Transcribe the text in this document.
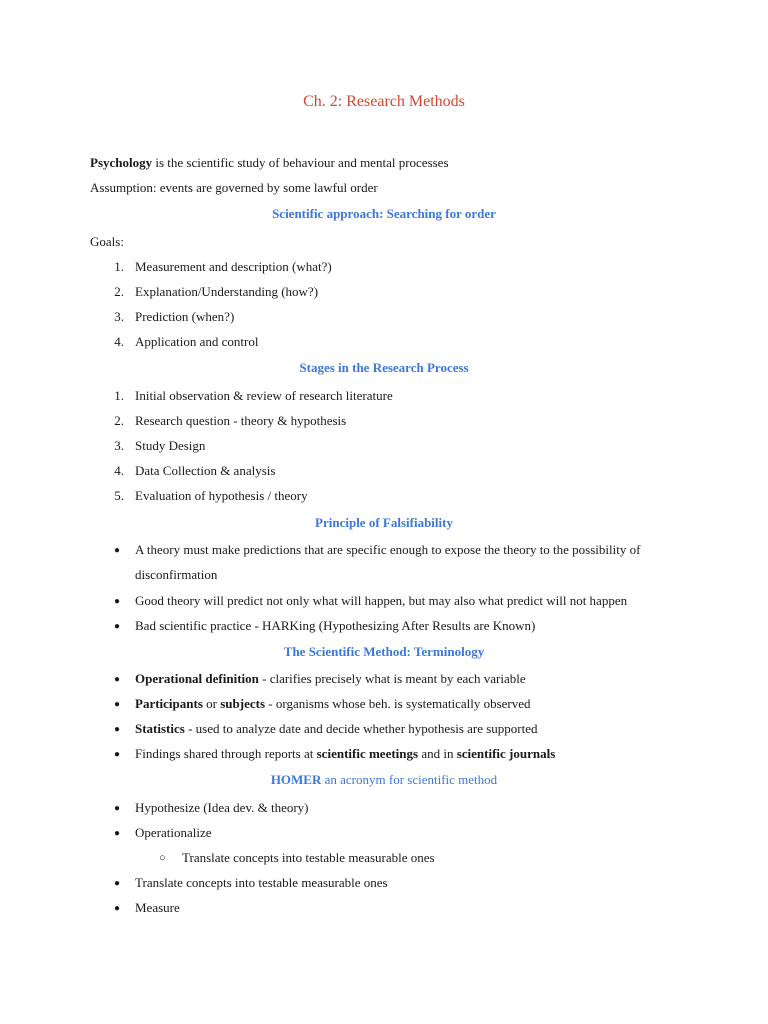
Ch. 2: Research Methods
Psychology is the scientific study of behaviour and mental processes
Assumption: events are governed by some lawful order
Scientific approach: Searching for order
Goals:
1. Measurement and description (what?)
2. Explanation/Understanding (how?)
3. Prediction (when?)
4. Application and control
Stages in the Research Process
1. Initial observation & review of research literature
2. Research question - theory & hypothesis
3. Study Design
4. Data Collection & analysis
5. Evaluation of hypothesis / theory
Principle of Falsifiability
● A theory must make predictions that are specific enough to expose the theory to the possibility of disconfirmation
● Good theory will predict not only what will happen, but may also what predict will not happen
● Bad scientific practice - HARKing (Hypothesizing After Results are Known)
The Scientific Method: Terminology
● Operational definition - clarifies precisely what is meant by each variable
● Participants or subjects - organisms whose beh. is systematically observed
● Statistics - used to analyze date and decide whether hypothesis are supported
● Findings shared through reports at scientific meetings and in scientific journals
HOMER an acronym for scientific method
● Hypothesize (Idea dev. & theory)
● Operationalize
○ Translate concepts into testable measurable ones
● Translate concepts into testable measurable ones
● Measure
